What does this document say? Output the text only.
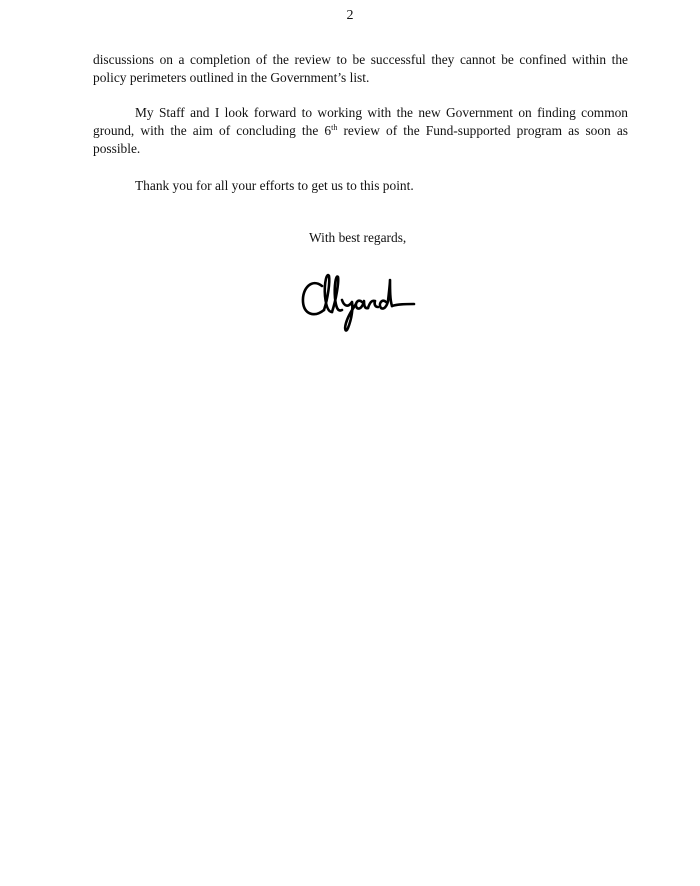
2

discussions on a completion of the review to be successful they cannot be confined within the policy perimeters outlined in the Government’s list.

My Staff and I look forward to working with the new Government on finding common ground, with the aim of concluding the 6th review of the Fund-supported program as soon as possible.

Thank you for all your efforts to get us to this point.

With best regards,
